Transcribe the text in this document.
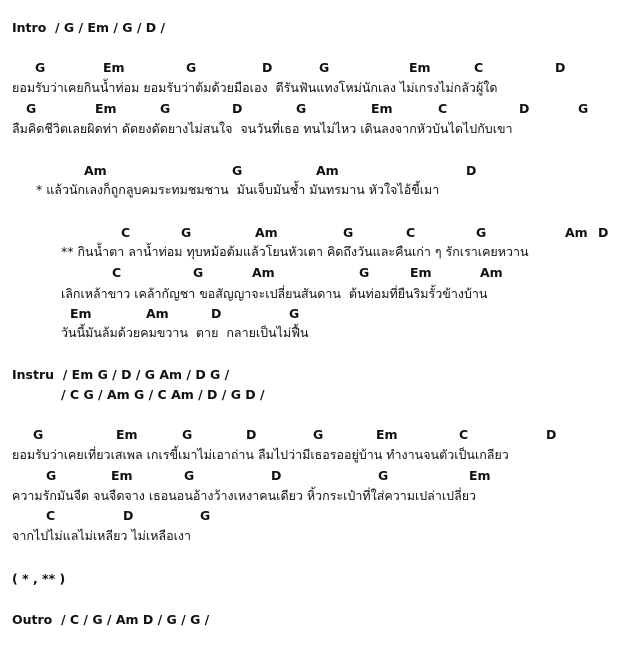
Intro  / G / Em / G / D /
G	Em	G	D	G	Em	C	D
ยอมรับว่าเคยกินน้ำท่อม ยอมรับว่าต้มด้วยมือเอง  ตีรันฟันแทงโหม่นักเลง ไม่เกรงไม่กลัวผู้ใด
G	Em	G	D	G	Em	C	D	G
ลืมคิดชีวิตเลยผิดท่า ดัดยงดัดยางไม่สนใจ  จนวันที่เธอ ทนไม่ไหว เดินลงจากหัวบันไดไปกับเขา
Am	G	Am	D
* แล้วนักเลงก็ถูกลูบคมระทมชมชาน  มันเจ็บมันช้ำ มันทรมาน หัวใจไอ้ขี้เมา
C	G	Am	G	C	G	Am D
** กินน้ำตา ลาน้ำท่อม ทุบหม้อต้มแล้วโยนหัวเตา คิดถึงวันและคืนเก่า ๆ รักเราเคยหวาน
C	G	Am	G	Em	Am
เลิกเหล้าขาว เคล้ากัญชา ขอสัญญาจะเปลี่ยนสันดาน  ต้นท่อมที่ยืนริมรั้วข้างบ้าน
Em	Am	D	G
วันนี้มันล้มด้วยคมขวาน  ตาย  กลายเป็นไม่ฟื้น
Instru  / Em G / D / G Am / D G /
/ C G / Am G / C Am / D / G D /
G	Em	G	D	G	Em	C	D
ยอมรับว่าเคยเที่ยวเสเพล เกเรขี้เมาไม่เอาถ่าน ลืมไปว่ามีเธอรออยู่บ้าน ทำงานจนตัวเป็นเกลียว
G	Em	G	D	G	Em
ความรักมันจืด จนจืดจาง เธอนอนอ้างว้างเหงาคนเดียว หิ้วกระเป๋าที่ใส่ความเปล่าเปลี่ยว
C	D	G
จากไปไม่แลไม่เหลียว ไม่เหลือเงา
( * , ** )
Outro  / C / G / Am D / G / G /
